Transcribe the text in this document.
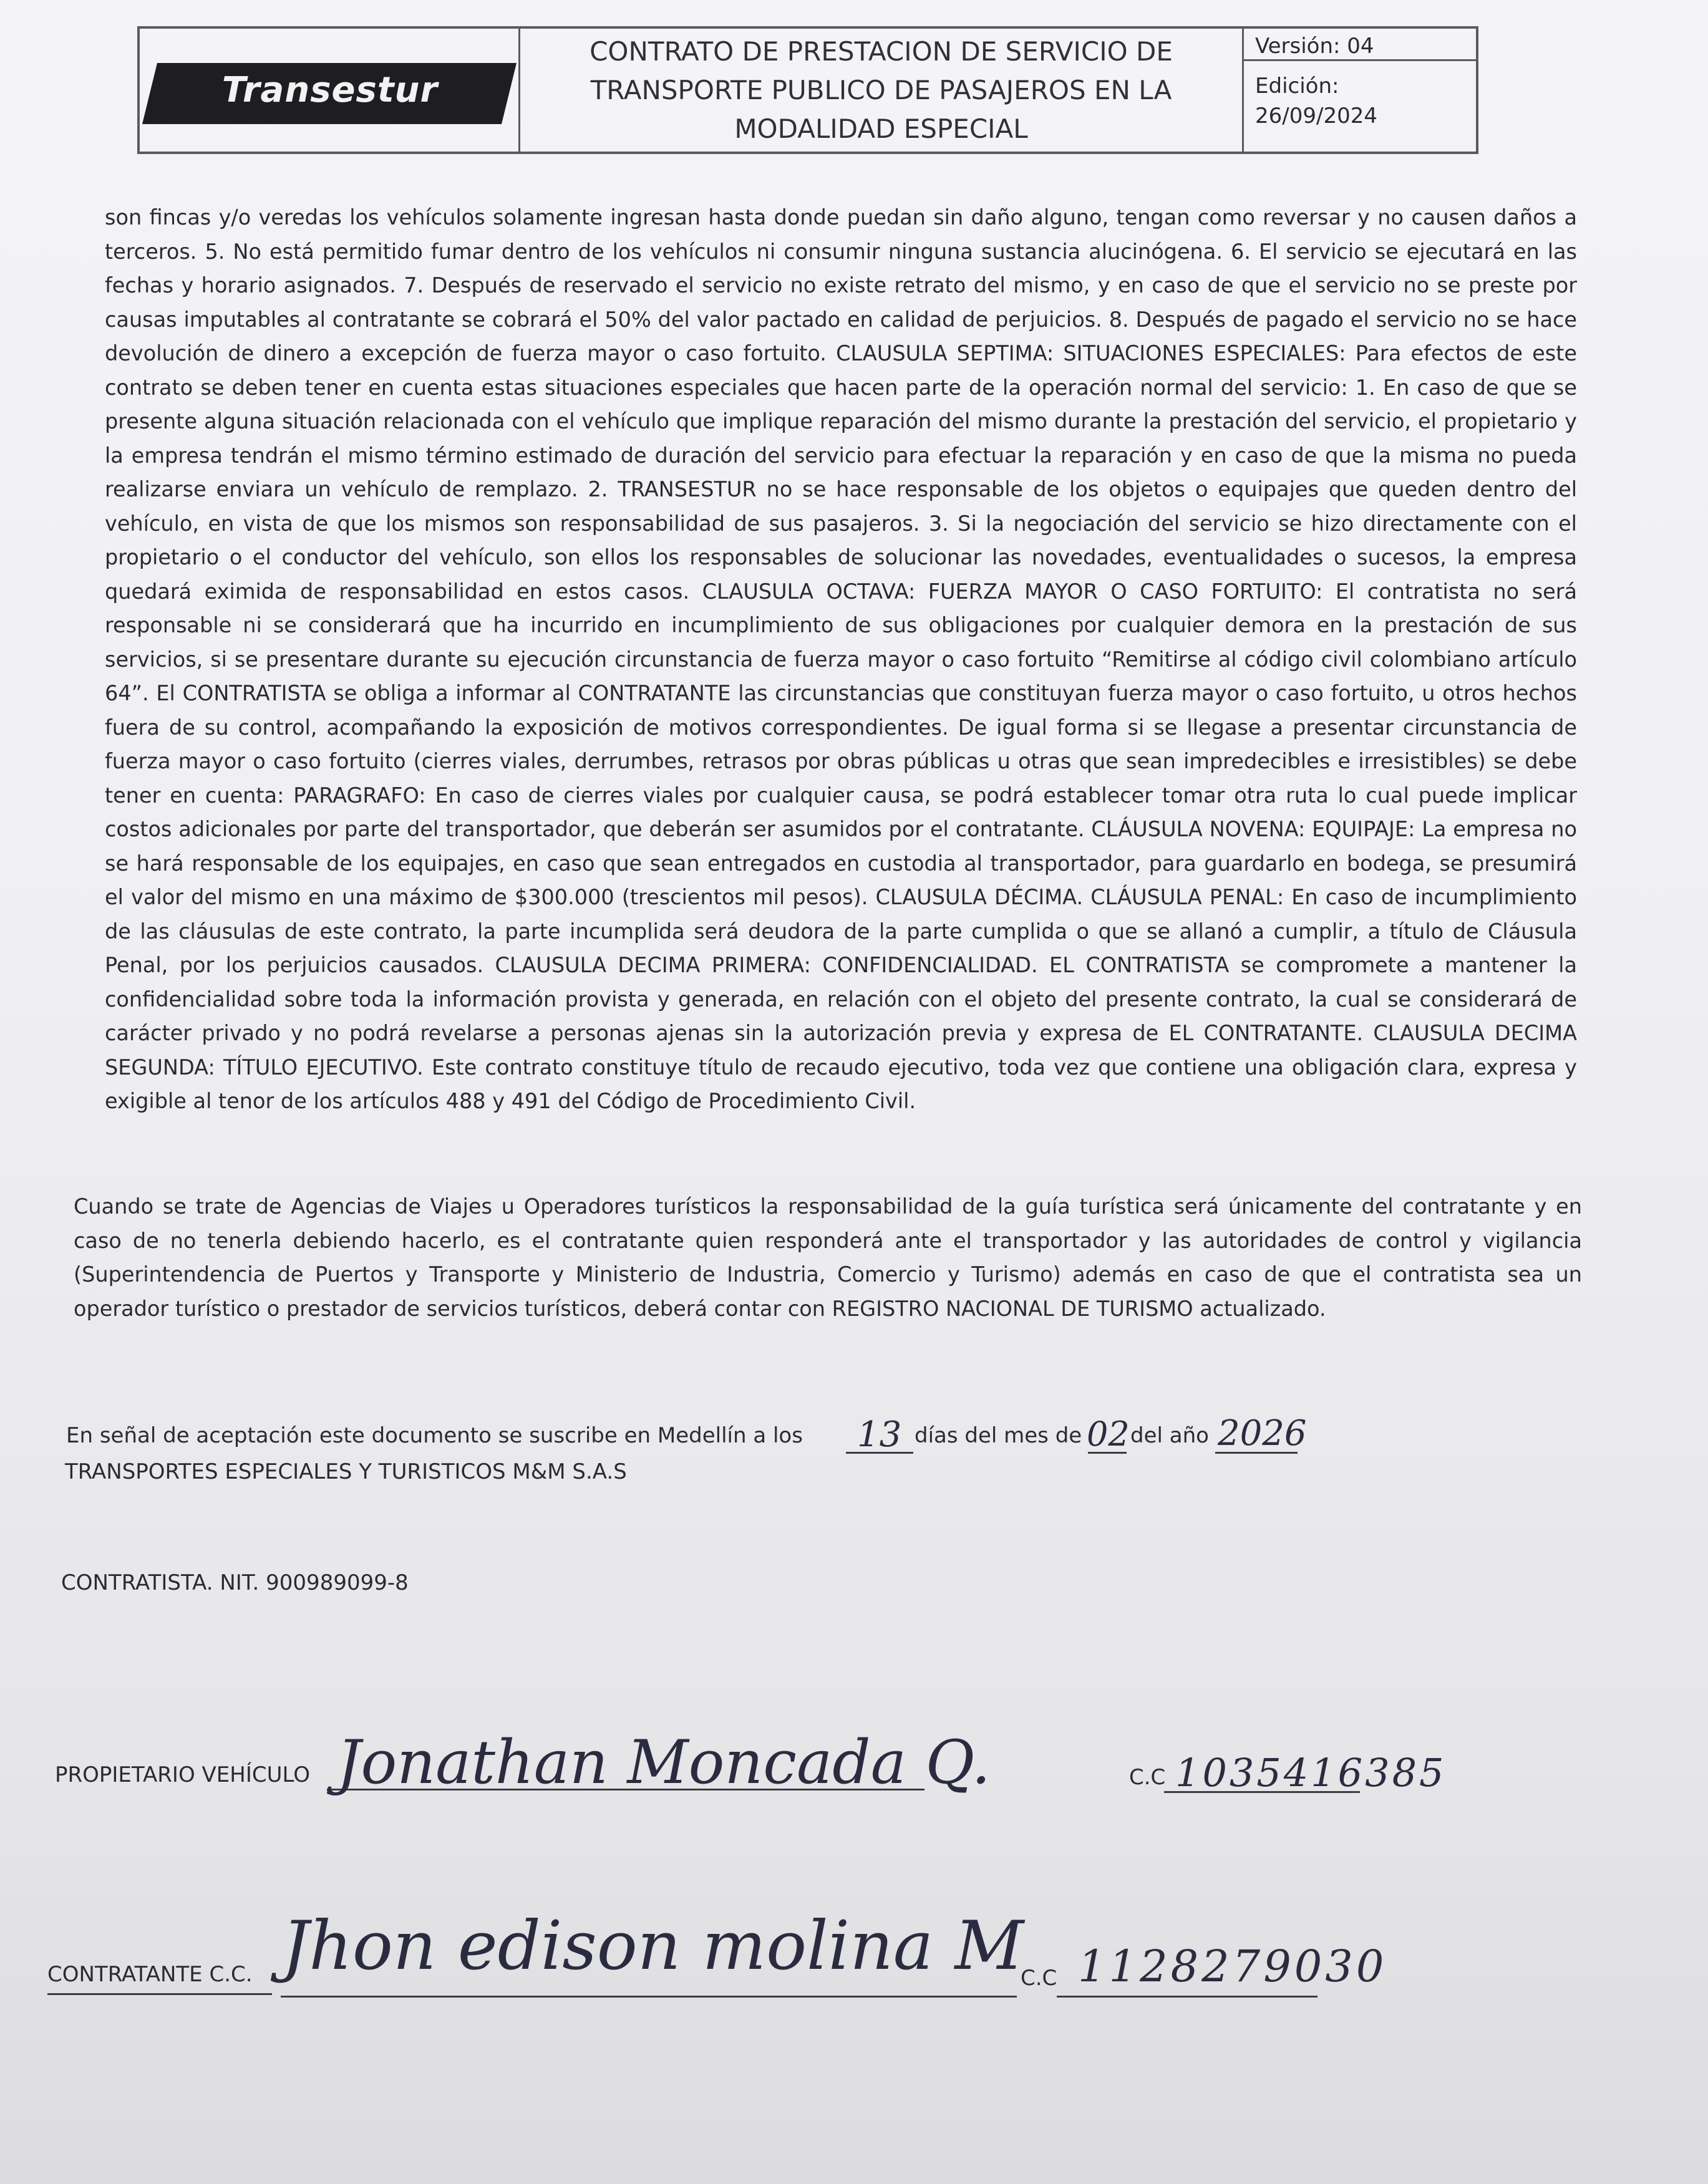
Transestur
CONTRATO DE PRESTACION DE SERVICIO DE TRANSPORTE PUBLICO DE PASAJEROS EN LA MODALIDAD ESPECIAL
Versión: 04
Edición:
26/09/2024
son fincas y/o veredas los vehículos solamente ingresan hasta donde puedan sin daño alguno, tengan como reversar y no causen daños a terceros. 5. No está permitido fumar dentro de los vehículos ni consumir ninguna sustancia alucinógena. 6. El servicio se ejecutará en las fechas y horario asignados. 7. Después de reservado el servicio no existe retrato del mismo, y en caso de que el servicio no se preste por causas imputables al contratante se cobrará el 50% del valor pactado en calidad de perjuicios. 8. Después de pagado el servicio no se hace devolución de dinero a excepción de fuerza mayor o caso fortuito. CLAUSULA SEPTIMA: SITUACIONES ESPECIALES: Para efectos de este contrato se deben tener en cuenta estas situaciones especiales que hacen parte de la operación normal del servicio: 1. En caso de que se presente alguna situación relacionada con el vehículo que implique reparación del mismo durante la prestación del servicio, el propietario y la empresa tendrán el mismo término estimado de duración del servicio para efectuar la reparación y en caso de que la misma no pueda realizarse enviara un vehículo de remplazo. 2. TRANSESTUR no se hace responsable de los objetos o equipajes que queden dentro del vehículo, en vista de que los mismos son responsabilidad de sus pasajeros. 3. Si la negociación del servicio se hizo directamente con el propietario o el conductor del vehículo, son ellos los responsables de solucionar las novedades, eventualidades o sucesos, la empresa quedará eximida de responsabilidad en estos casos. CLAUSULA OCTAVA: FUERZA MAYOR O CASO FORTUITO: El contratista no será responsable ni se considerará que ha incurrido en incumplimiento de sus obligaciones por cualquier demora en la prestación de sus servicios, si se presentare durante su ejecución circunstancia de fuerza mayor o caso fortuito “Remitirse al código civil colombiano artículo 64”. El CONTRATISTA se obliga a informar al CONTRATANTE las circunstancias que constituyan fuerza mayor o caso fortuito, u otros hechos fuera de su control, acompañando la exposición de motivos correspondientes. De igual forma si se llegase a presentar circunstancia de fuerza mayor o caso fortuito (cierres viales, derrumbes, retrasos por obras públicas u otras que sean impredecibles e irresistibles) se debe tener en cuenta: PARAGRAFO: En caso de cierres viales por cualquier causa, se podrá establecer tomar otra ruta lo cual puede implicar costos adicionales por parte del transportador, que deberán ser asumidos por el contratante. CLÁUSULA NOVENA: EQUIPAJE: La empresa no se hará responsable de los equipajes, en caso que sean entregados en custodia al transportador, para guardarlo en bodega, se presumirá el valor del mismo en una máximo de $300.000 (trescientos mil pesos). CLAUSULA DÉCIMA. CLÁUSULA PENAL: En caso de incumplimiento de las cláusulas de este contrato, la parte incumplida será deudora de la parte cumplida o que se allanó a cumplir, a título de Cláusula Penal, por los perjuicios causados. CLAUSULA DECIMA PRIMERA: CONFIDENCIALIDAD. EL CONTRATISTA se compromete a mantener la confidencialidad sobre toda la información provista y generada, en relación con el objeto del presente contrato, la cual se considerará de carácter privado y no podrá revelarse a personas ajenas sin la autorización previa y expresa de EL CONTRATANTE. CLAUSULA DECIMA SEGUNDA: TÍTULO EJECUTIVO. Este contrato constituye título de recaudo ejecutivo, toda vez que contiene una obligación clara, expresa y exigible al tenor de los artículos 488 y 491 del Código de Procedimiento Civil.
Cuando se trate de Agencias de Viajes u Operadores turísticos la responsabilidad de la guía turística será únicamente del contratante y en caso de no tenerla debiendo hacerlo, es el contratante quien responderá ante el transportador y las autoridades de control y vigilancia (Superintendencia de Puertos y Transporte y Ministerio de Industria, Comercio y Turismo) además en caso de que el contratista sea un operador turístico o prestador de servicios turísticos, deberá contar con REGISTRO NACIONAL DE TURISMO actualizado.
En señal de aceptación este documento se suscribe en Medellín a los 13 días del mes de 02 del año 2026
TRANSPORTES ESPECIALES Y TURISTICOS M&M S.A.S
CONTRATISTA. NIT. 900989099-8
PROPIETARIO VEHÍCULO Jonathan Moncada Q.	C.C 1035416385
CONTRATANTE C.C. Jhon edison molina M
C.C 1128279030
